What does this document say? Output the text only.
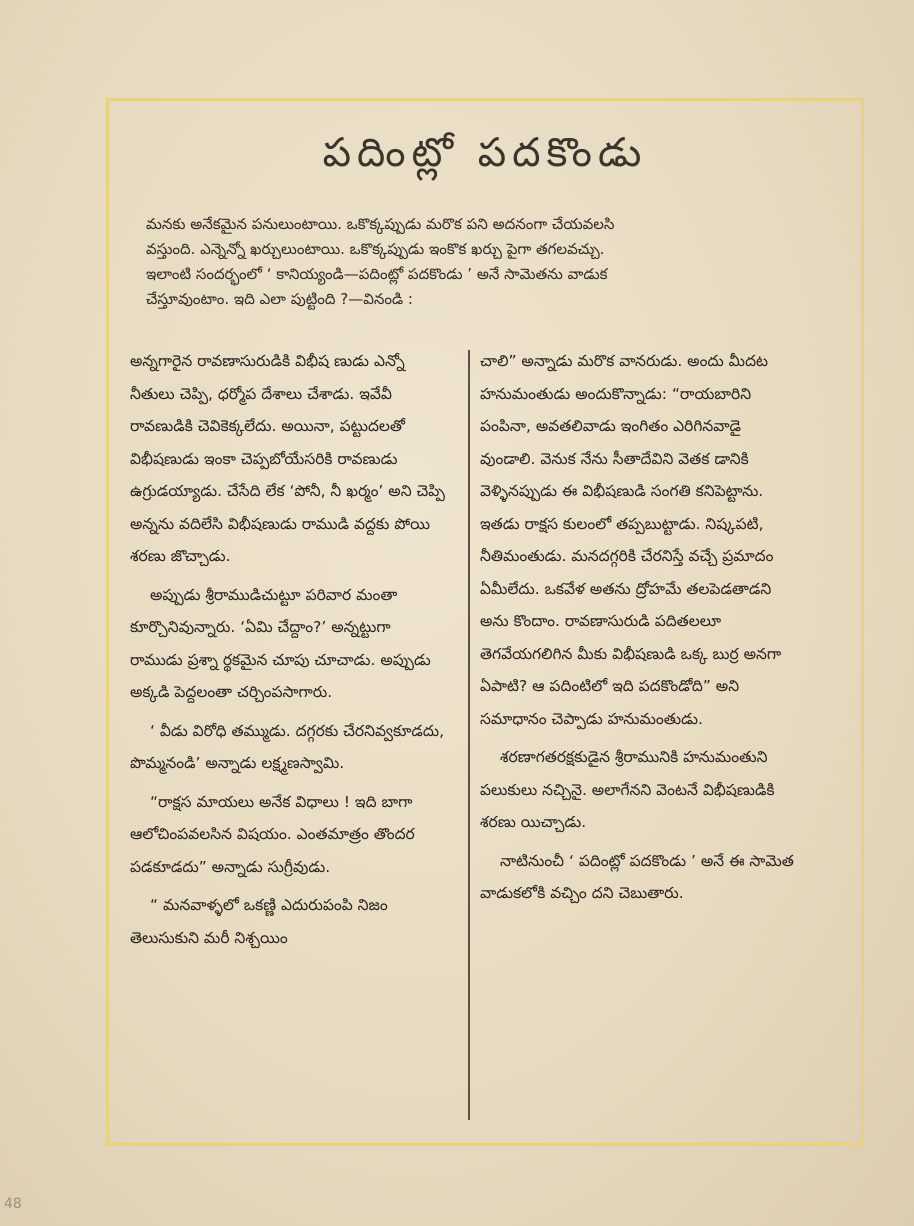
పదింట్లో పదకొండు

మనకు అనేకమైన పనులుంటాయి. ఒకొక్కప్పుడు మరొక పని అదనంగా చేయవలసి

వస్తుంది. ఎన్నెన్నో ఖర్చులుంటాయి. ఒకొక్కప్పుడు ఇంకొక ఖర్చు పైగా తగలవచ్చు.

ఇలాంటి సందర్భంలో ‘ కానియ్యండి—పదింట్లో పదకొండు ’ అనే సామెతను వాడుక

చేస్తూవుంటాం. ఇది ఎలా పుట్టింది ?—వినండి :

అన్నగారైన రావణాసురుడికి విభీష ణుడు ఎన్నో నీతులు చెప్పి, ధర్మోప దేశాలు చేశాడు. ఇవేవీ రావణుడికి చెవికెక్కలేదు. అయినా, పట్టుదలతో విభీషణుడు ఇంకా చెప్పబోయేసరికి రావణుడు ఉగ్రుడయ్యాడు. చేసేది లేక ‘పోనీ, నీ ఖర్మం’ అని చెప్పి అన్నను వదిలేసి విభీషణుడు రాముడి వద్దకు పోయి శరణు జొచ్చాడు.

అప్పుడు శ్రీరాముడిచుట్టూ పరివార మంతా కూర్చొనివున్నారు. ‘ఏమి చేద్దాం?’ అన్నట్టుగా రాముడు ప్రశ్నా ర్థకమైన చూపు చూచాడు. అప్పుడు అక్కడి పెద్దలంతా చర్చింపసాగారు.

‘ వీడు విరోధి తమ్ముడు. దగ్గరకు చేరనివ్వకూడదు, పొమ్మనండి’ అన్నాడు లక్ష్మణస్వామి.

“రాక్షస మాయలు అనేక విధాలు ! ఇది బాగా ఆలోచింపవలసిన విషయం. ఎంతమాత్రం తొందర పడకూడదు” అన్నాడు సుగ్రీవుడు.

“ మనవాళ్ళలో ఒకణ్ణి ఎదురుపంపి నిజం తెలుసుకుని మరీ నిశ్చయిం

చాలి” అన్నాడు మరొక వానరుడు. అందు మీదట హనుమంతుడు అందుకొన్నాడు: “రాయబారిని పంపినా, అవతలివాడు ఇంగితం ఎరిగినవాడై వుండాలి. వెనుక నేను సీతాదేవిని వెతక డానికి వెళ్ళినప్పుడు ఈ విభీషణుడి సంగతి కనిపెట్టాను. ఇతడు రాక్షస కులంలో తప్పబుట్టాడు. నిష్కపటి, నీతిమంతుడు. మనదగ్గరికి చేరనిస్తే వచ్చే ప్రమాదం ఏమీలేదు. ఒకవేళ అతను ద్రోహమే తలపెడతాడని అను కొందాం. రావణాసురుడి పదితలలూ తెగవేయగలిగిన మీకు విభీషణుడి ఒక్క బుర్ర అనగా ఏపాటి? ఆ పదింటిలో ఇది పదకొండోది” అని సమాధానం చెప్పాడు హనుమంతుడు.

శరణాగతరక్షకుడైన శ్రీరామునికి హనుమంతుని పలుకులు నచ్చినై. అలాగేనని వెంటనే విభీషణుడికి శరణు యిచ్చాడు.

నాటినుంచీ ‘ పదింట్లో పదకొండు ’ అనే ఈ సామెత వాడుకలోకి వచ్చిం దని చెబుతారు.

48
